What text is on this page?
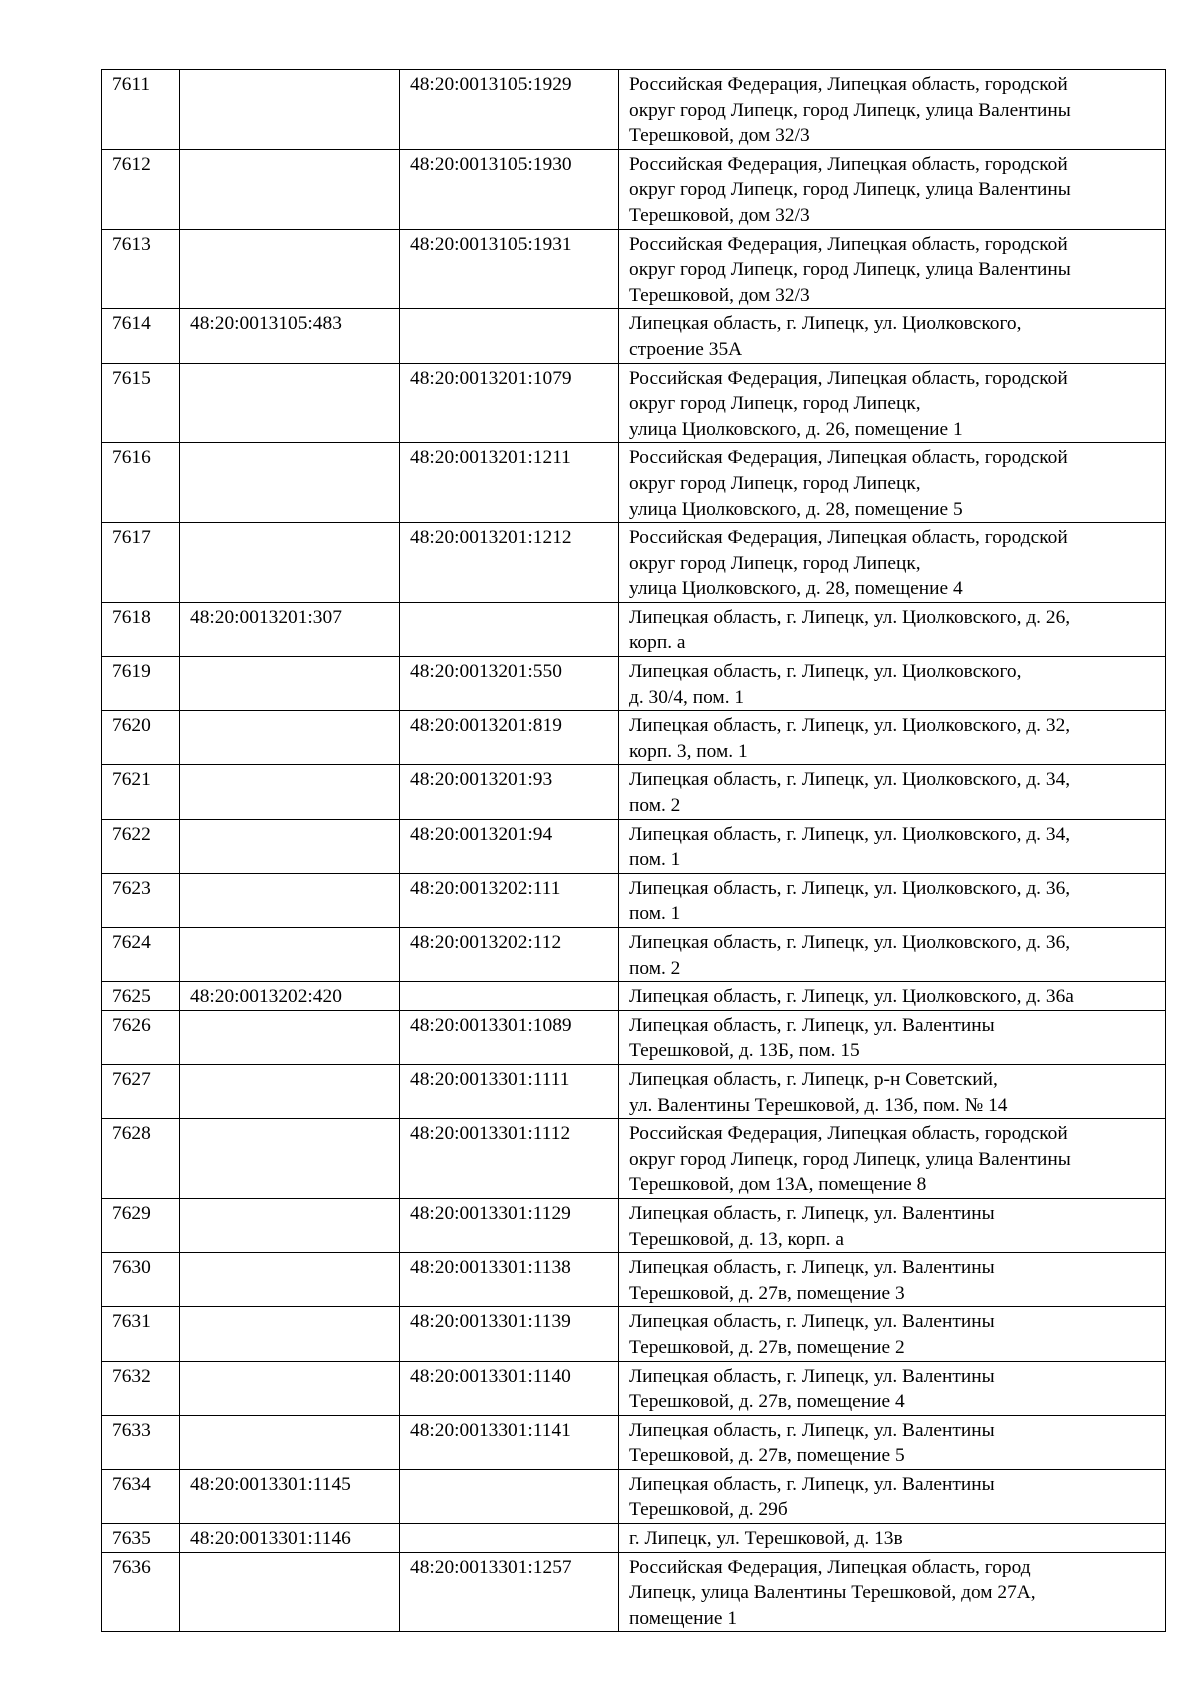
7611		48:20:0013105:1929	Российская Федерация, Липецкая область, городской
округ город Липецк, город Липецк, улица Валентины
Терешковой, дом 32/3

7612		48:20:0013105:1930	Российская Федерация, Липецкая область, городской
округ город Липецк, город Липецк, улица Валентины
Терешковой, дом 32/3

7613		48:20:0013105:1931	Российская Федерация, Липецкая область, городской
округ город Липецк, город Липецк, улица Валентины
Терешковой, дом 32/3

7614	48:20:0013105:483		Липецкая область, г. Липецк, ул. Циолковского,
строение 35А

7615		48:20:0013201:1079	Российская Федерация, Липецкая область, городской
округ город Липецк, город Липецк,
улица Циолковского, д. 26, помещение 1

7616		48:20:0013201:1211	Российская Федерация, Липецкая область, городской
округ город Липецк, город Липецк,
улица Циолковского, д. 28, помещение 5

7617		48:20:0013201:1212	Российская Федерация, Липецкая область, городской
округ город Липецк, город Липецк,
улица Циолковского, д. 28, помещение 4

7618	48:20:0013201:307		Липецкая область, г. Липецк, ул. Циолковского, д. 26,
корп. а

7619		48:20:0013201:550	Липецкая область, г. Липецк, ул. Циолковского,
д. 30/4, пом. 1

7620		48:20:0013201:819	Липецкая область, г. Липецк, ул. Циолковского, д. 32,
корп. 3, пом. 1

7621		48:20:0013201:93	Липецкая область, г. Липецк, ул. Циолковского, д. 34,
пом. 2

7622		48:20:0013201:94	Липецкая область, г. Липецк, ул. Циолковского, д. 34,
пом. 1

7623		48:20:0013202:111	Липецкая область, г. Липецк, ул. Циолковского, д. 36,
пом. 1

7624		48:20:0013202:112	Липецкая область, г. Липецк, ул. Циолковского, д. 36,
пом. 2

7625	48:20:0013202:420		Липецкая область, г. Липецк, ул. Циолковского, д. 36а

7626		48:20:0013301:1089	Липецкая область, г. Липецк, ул. Валентины
Терешковой, д. 13Б, пом. 15

7627		48:20:0013301:1111	Липецкая область, г. Липецк, р-н Советский,
ул. Валентины Терешковой, д. 13б, пом. № 14

7628		48:20:0013301:1112	Российская Федерация, Липецкая область, городской
округ город Липецк, город Липецк, улица Валентины
Терешковой, дом 13А, помещение 8

7629		48:20:0013301:1129	Липецкая область, г. Липецк, ул. Валентины
Терешковой, д. 13, корп. а

7630		48:20:0013301:1138	Липецкая область, г. Липецк, ул. Валентины
Терешковой, д. 27в, помещение 3

7631		48:20:0013301:1139	Липецкая область, г. Липецк, ул. Валентины
Терешковой, д. 27в, помещение 2

7632		48:20:0013301:1140	Липецкая область, г. Липецк, ул. Валентины
Терешковой, д. 27в, помещение 4

7633		48:20:0013301:1141	Липецкая область, г. Липецк, ул. Валентины
Терешковой, д. 27в, помещение 5

7634	48:20:0013301:1145		Липецкая область, г. Липецк, ул. Валентины
Терешковой, д. 29б

7635	48:20:0013301:1146		г. Липецк, ул. Терешковой, д. 13в

7636		48:20:0013301:1257	Российская Федерация, Липецкая область, город
Липецк, улица Валентины Терешковой, дом 27А,
помещение 1
